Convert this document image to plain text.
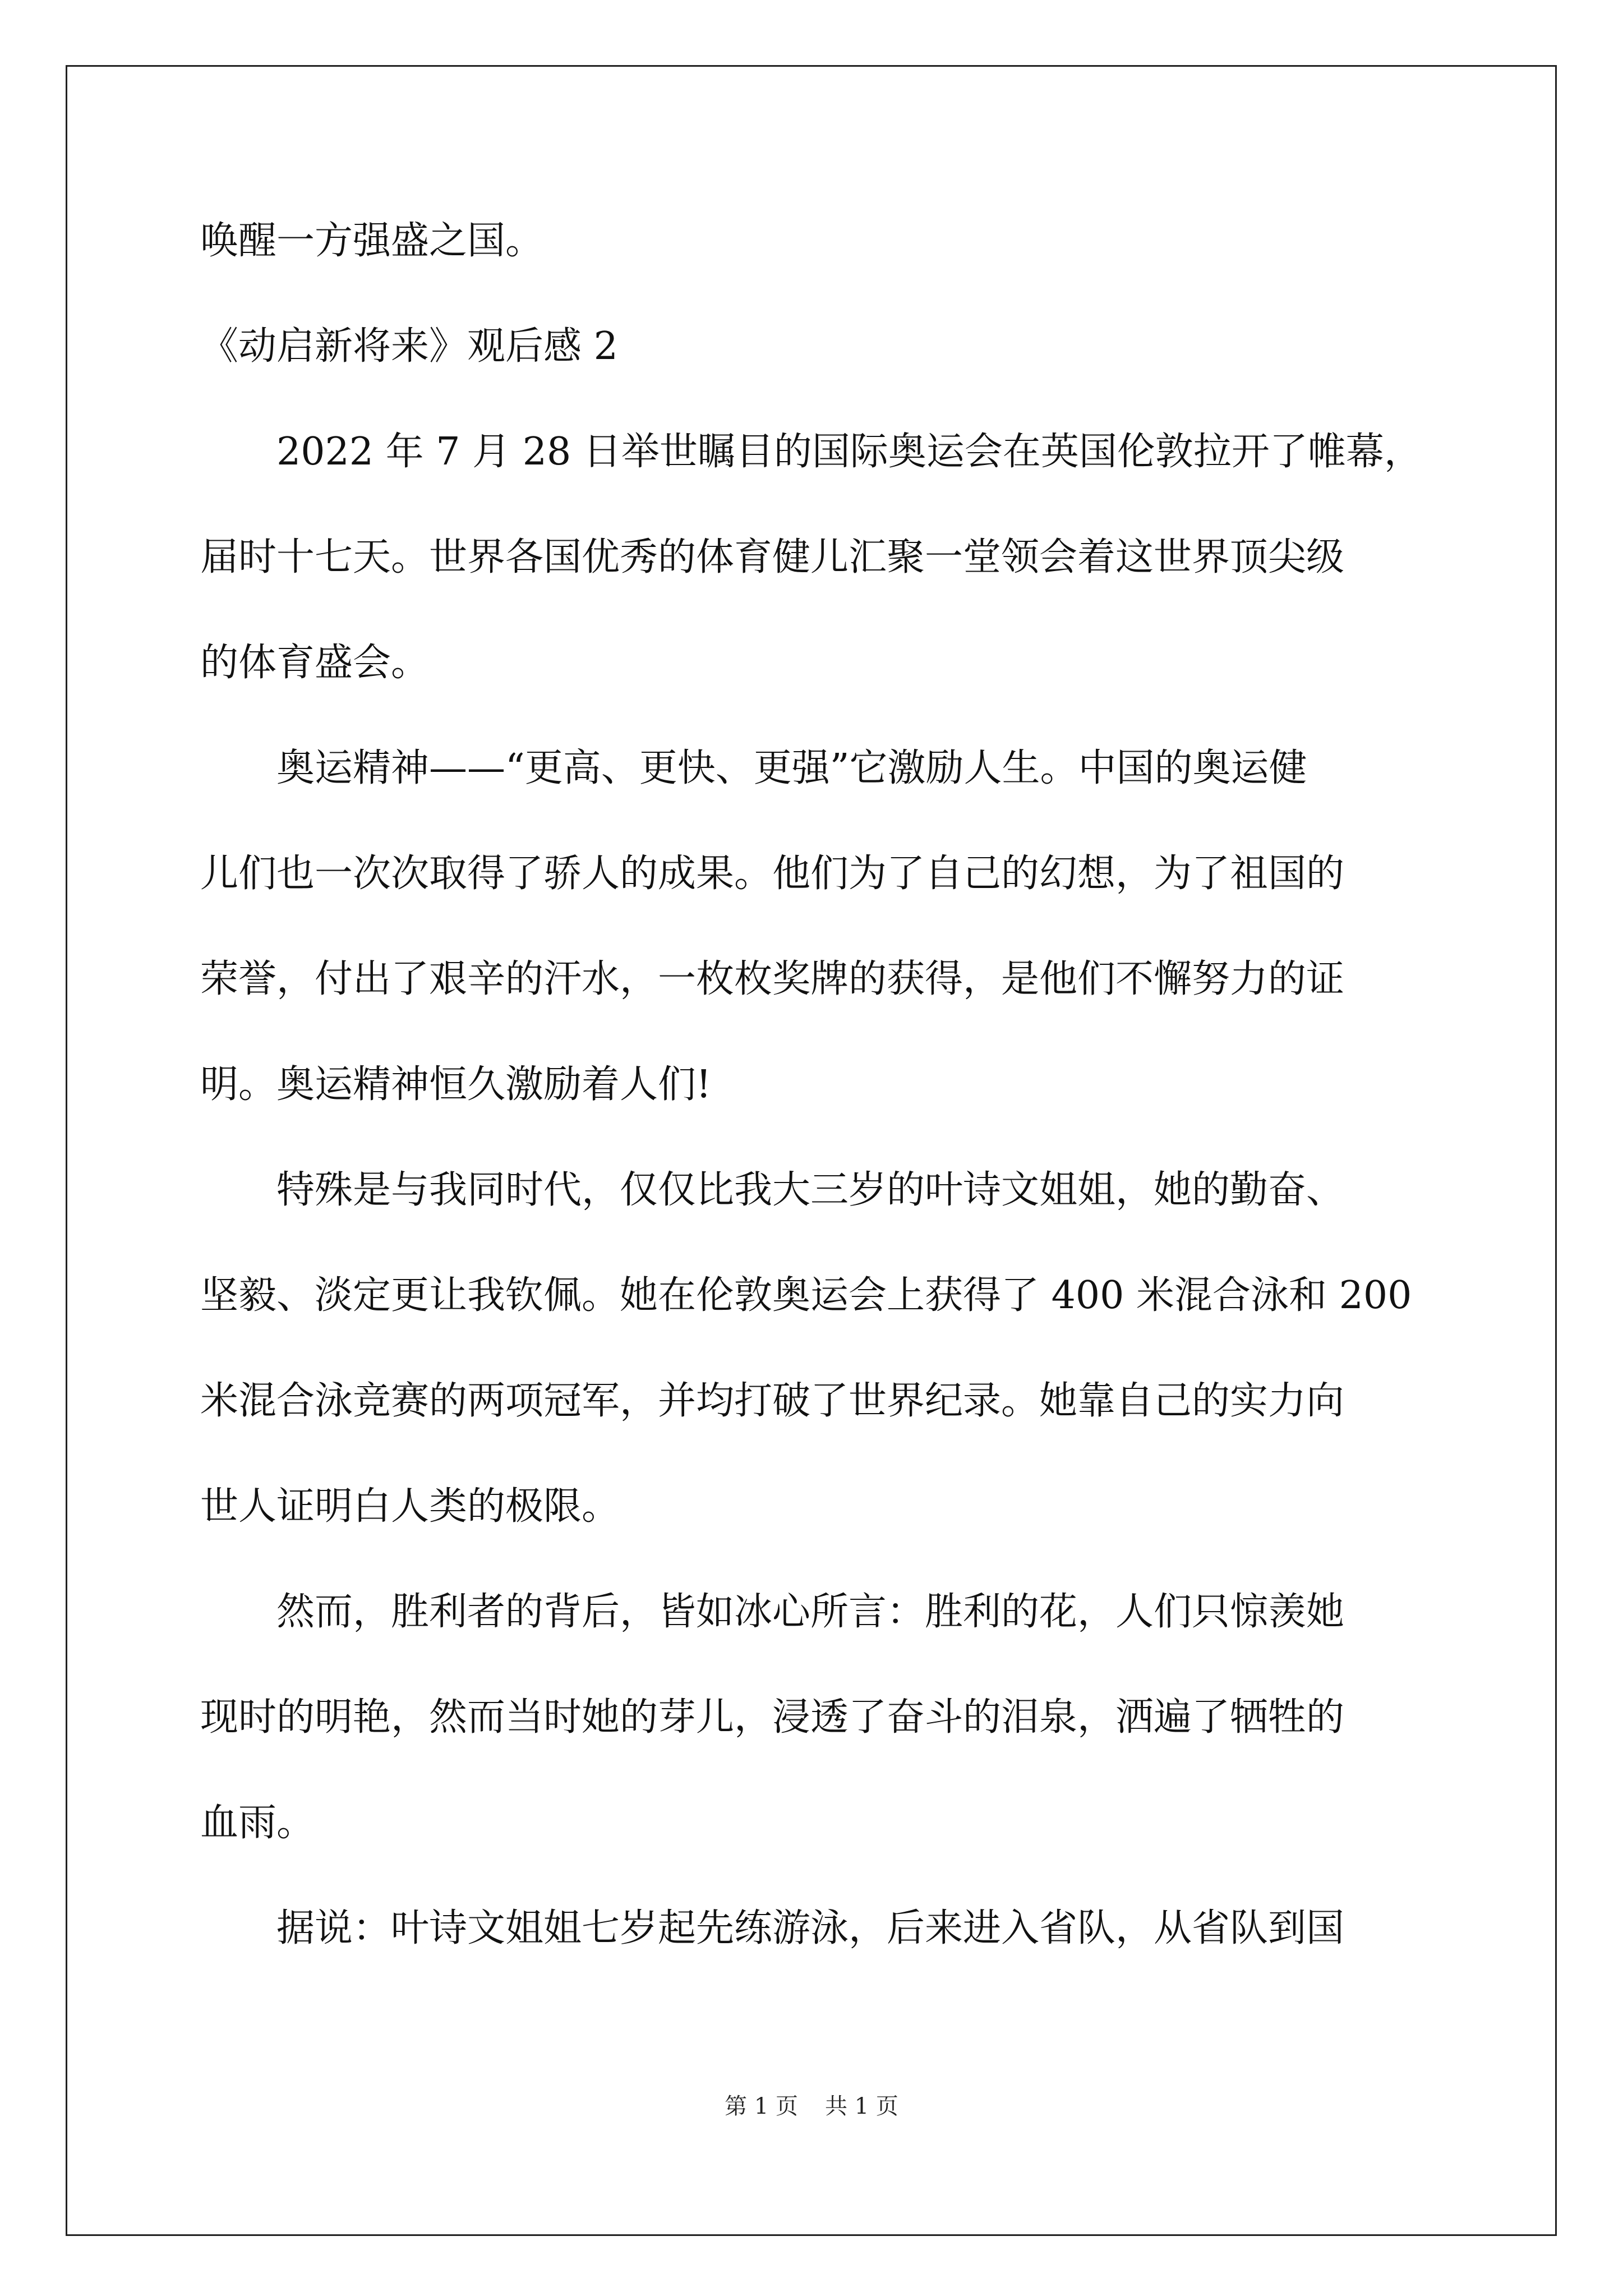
唤醒一方强盛之国。

《动启新将来》观后感 2

　　2022 年 7 月 28 日举世瞩目的国际奥运会在英国伦敦拉开了帷幕，

届时十七天。世界各国优秀的体育健儿汇聚一堂领会着这世界顶尖级

的体育盛会。

　　奥运精神——“更高、更快、更强”它激励人生。中国的奥运健

儿们也一次次取得了骄人的成果。他们为了自己的幻想，为了祖国的

荣誉，付出了艰辛的汗水，一枚枚奖牌的获得，是他们不懈努力的证

明。奥运精神恒久激励着人们!

　　特殊是与我同时代，仅仅比我大三岁的叶诗文姐姐，她的勤奋、

坚毅、淡定更让我钦佩。她在伦敦奥运会上获得了 400 米混合泳和 200

米混合泳竞赛的两项冠军，并均打破了世界纪录。她靠自己的实力向

世人证明白人类的极限。

　　然而，胜利者的背后，皆如冰心所言：胜利的花，人们只惊羡她

现时的明艳，然而当时她的芽儿，浸透了奋斗的泪泉，洒遍了牺牲的

血雨。

　　据说：叶诗文姐姐七岁起先练游泳，后来进入省队，从省队到国

第 1 页 共 1 页
